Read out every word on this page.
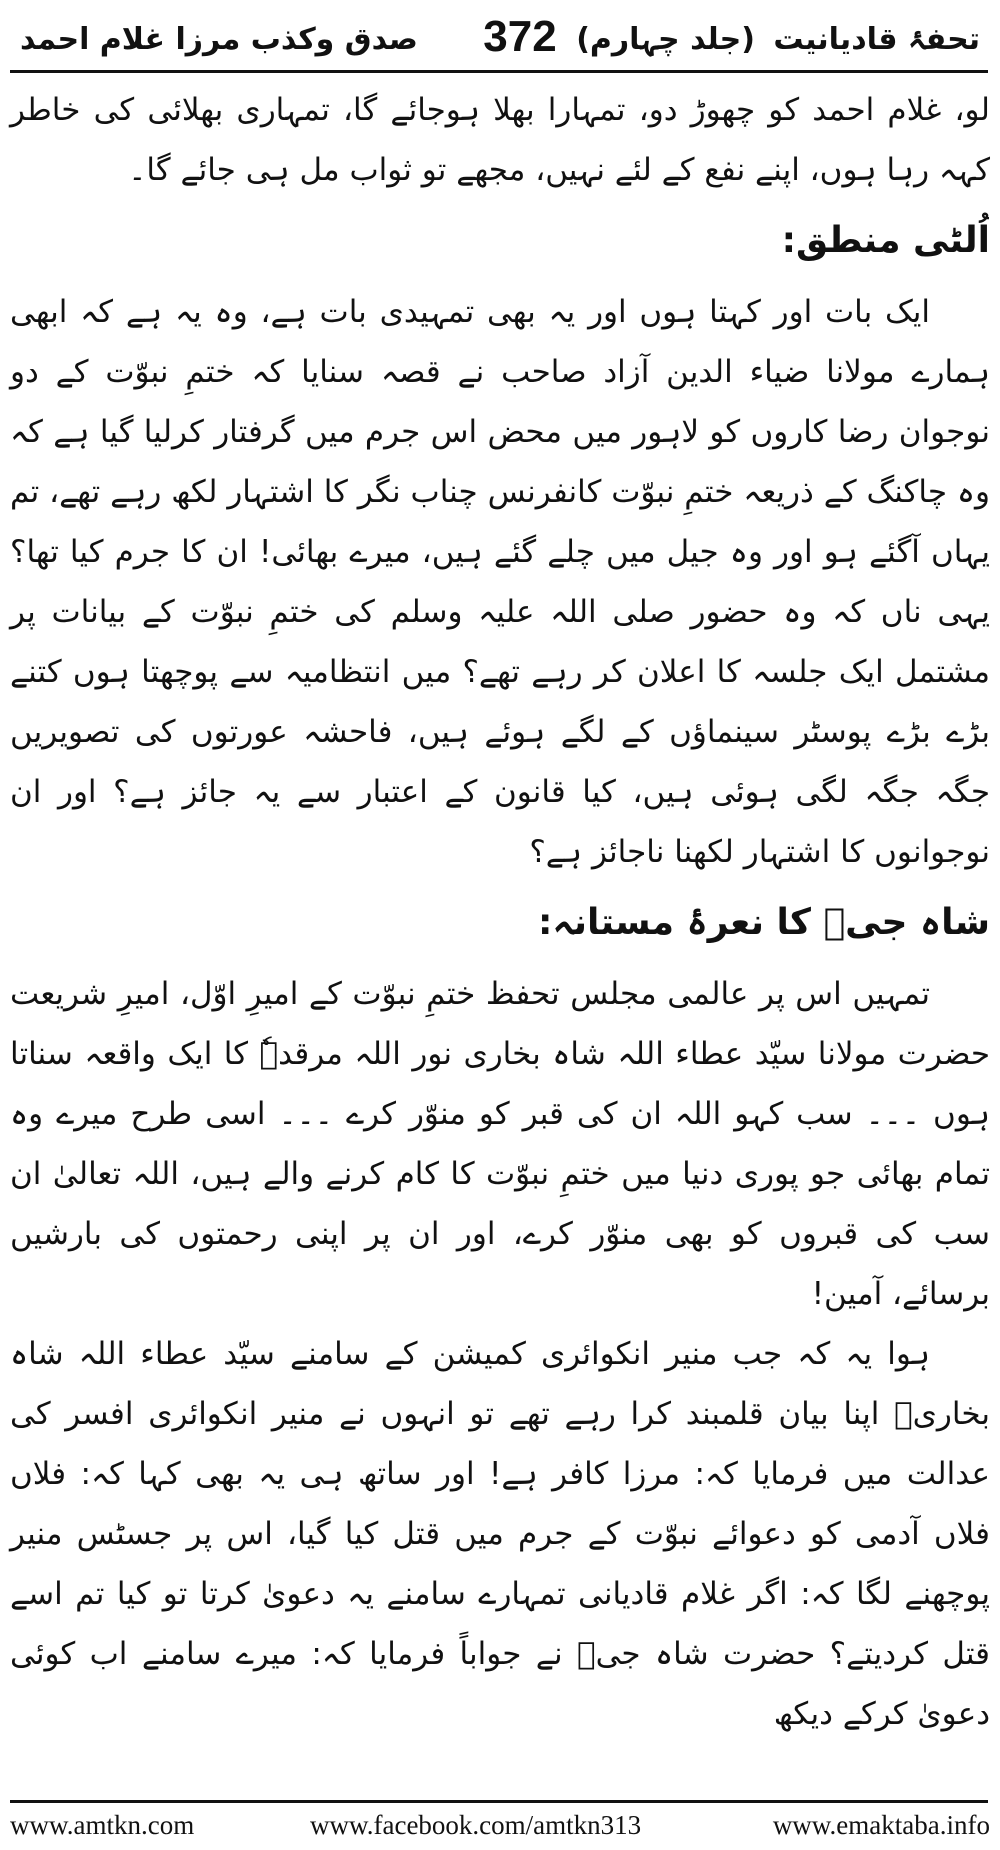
تحفۂ قادیانیت
(جلد چہارم)
372
صدق وکذب مرزا غلام احمد

لو، غلام احمد کو چھوڑ دو، تمہارا بھلا ہوجائے گا، تمہاری بھلائی کی خاطر کہہ رہا ہوں، اپنے نفع کے لئے نہیں، مجھے تو ثواب مل ہی جائے گا۔

اُلٹی منطق:

ایک بات اور کہتا ہوں اور یہ بھی تمہیدی بات ہے، وہ یہ ہے کہ ابھی ہمارے مولانا ضیاء الدین آزاد صاحب نے قصہ سنایا کہ ختمِ نبوّت کے دو نوجوان رضا کاروں کو لاہور میں محض اس جرم میں گرفتار کرلیا گیا ہے کہ وہ چاکنگ کے ذریعہ ختمِ نبوّت کانفرنس چناب نگر کا اشتہار لکھ رہے تھے، تم یہاں آگئے ہو اور وہ جیل میں چلے گئے ہیں، میرے بھائی! ان کا جرم کیا تھا؟ یہی ناں کہ وہ حضور صلی اللہ علیہ وسلم کی ختمِ نبوّت کے بیانات پر مشتمل ایک جلسہ کا اعلان کر رہے تھے؟ میں انتظامیہ سے پوچھتا ہوں کتنے بڑے بڑے پوسٹر سینماؤں کے لگے ہوئے ہیں، فاحشہ عورتوں کی تصویریں جگہ جگہ لگی ہوئی ہیں، کیا قانون کے اعتبار سے یہ جائز ہے؟ اور ان نوجوانوں کا اشتہار لکھنا ناجائز ہے؟

شاہ جیؒ کا نعرۂ مستانہ:

تمہیں اس پر عالمی مجلس تحفظ ختمِ نبوّت کے امیرِ اوّل، امیرِ شریعت حضرت مولانا سیّد عطاء اللہ شاہ بخاری نور اللہ مرقدہٗ کا ایک واقعہ سناتا ہوں ۔۔۔ سب کہو اللہ ان کی قبر کو منوّر کرے ۔۔۔ اسی طرح میرے وہ تمام بھائی جو پوری دنیا میں ختمِ نبوّت کا کام کرنے والے ہیں، اللہ تعالیٰ ان سب کی قبروں کو بھی منوّر کرے، اور ان پر اپنی رحمتوں کی بارشیں برسائے، آمین!

ہوا یہ کہ جب منیر انکوائری کمیشن کے سامنے سیّد عطاء اللہ شاہ بخاریؒ اپنا بیان قلمبند کرا رہے تھے تو انہوں نے منیر انکوائری افسر کی عدالت میں فرمایا کہ: مرزا کافر ہے! اور ساتھ ہی یہ بھی کہا کہ: فلاں فلاں آدمی کو دعوائے نبوّت کے جرم میں قتل کیا گیا، اس پر جسٹس منیر پوچھنے لگا کہ: اگر غلام قادیانی تمہارے سامنے یہ دعویٰ کرتا تو کیا تم اسے قتل کردیتے؟ حضرت شاہ جیؒ نے جواباً فرمایا کہ: میرے سامنے اب کوئی دعویٰ کرکے دیکھ

www.amtkn.com	www.facebook.com/amtkn313	www.emaktaba.info
